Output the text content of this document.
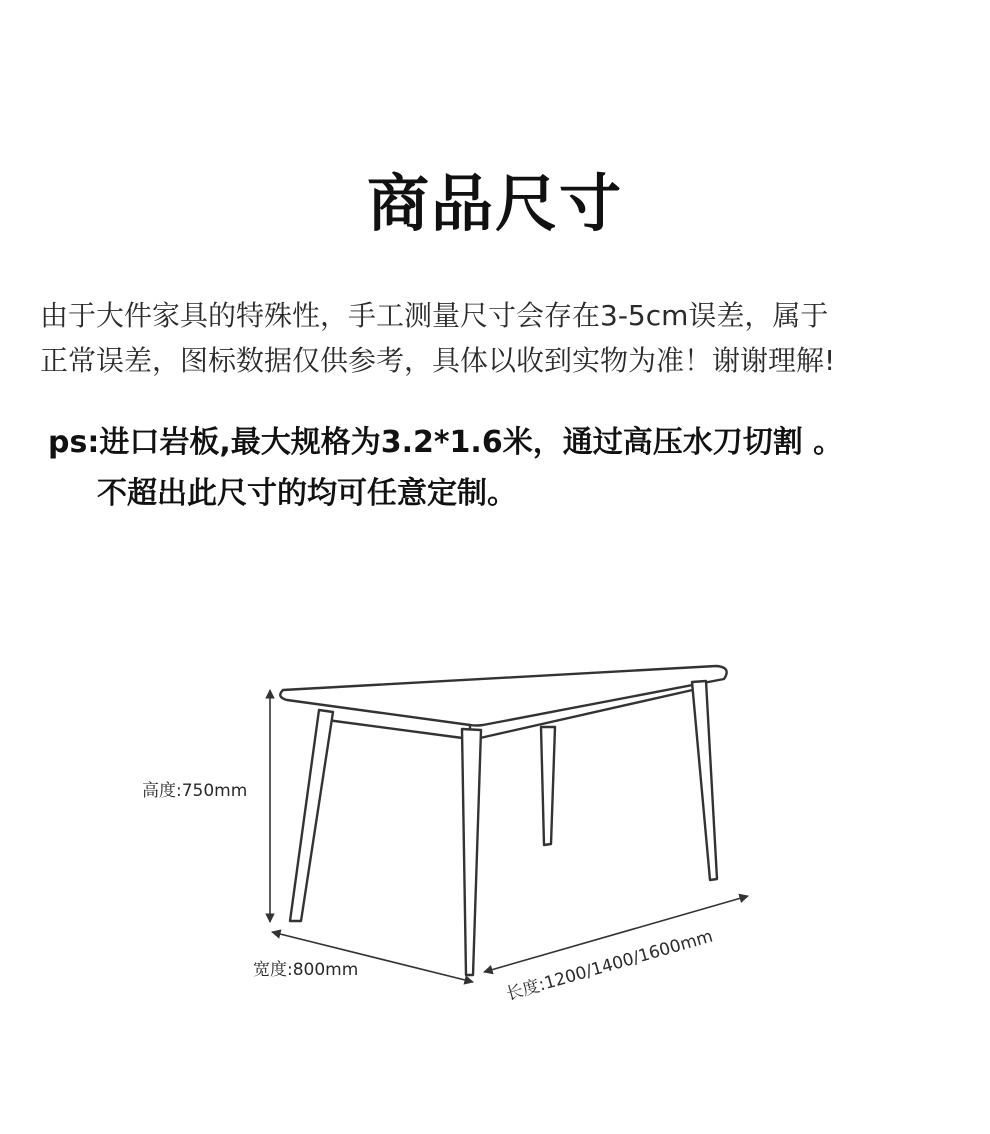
商品尺寸
由于大件家具的特殊性，手工测量尺寸会存在3-5cm误差，属于
正常误差，图标数据仅供参考，具体以收到实物为准！谢谢理解!
ps:进口岩板,最大规格为3.2*1.6米，通过高压水刀切割 。
不超出此尺寸的均可任意定制。
高度:750mm
宽度:800mm	长度:1200/1400/1600mm
